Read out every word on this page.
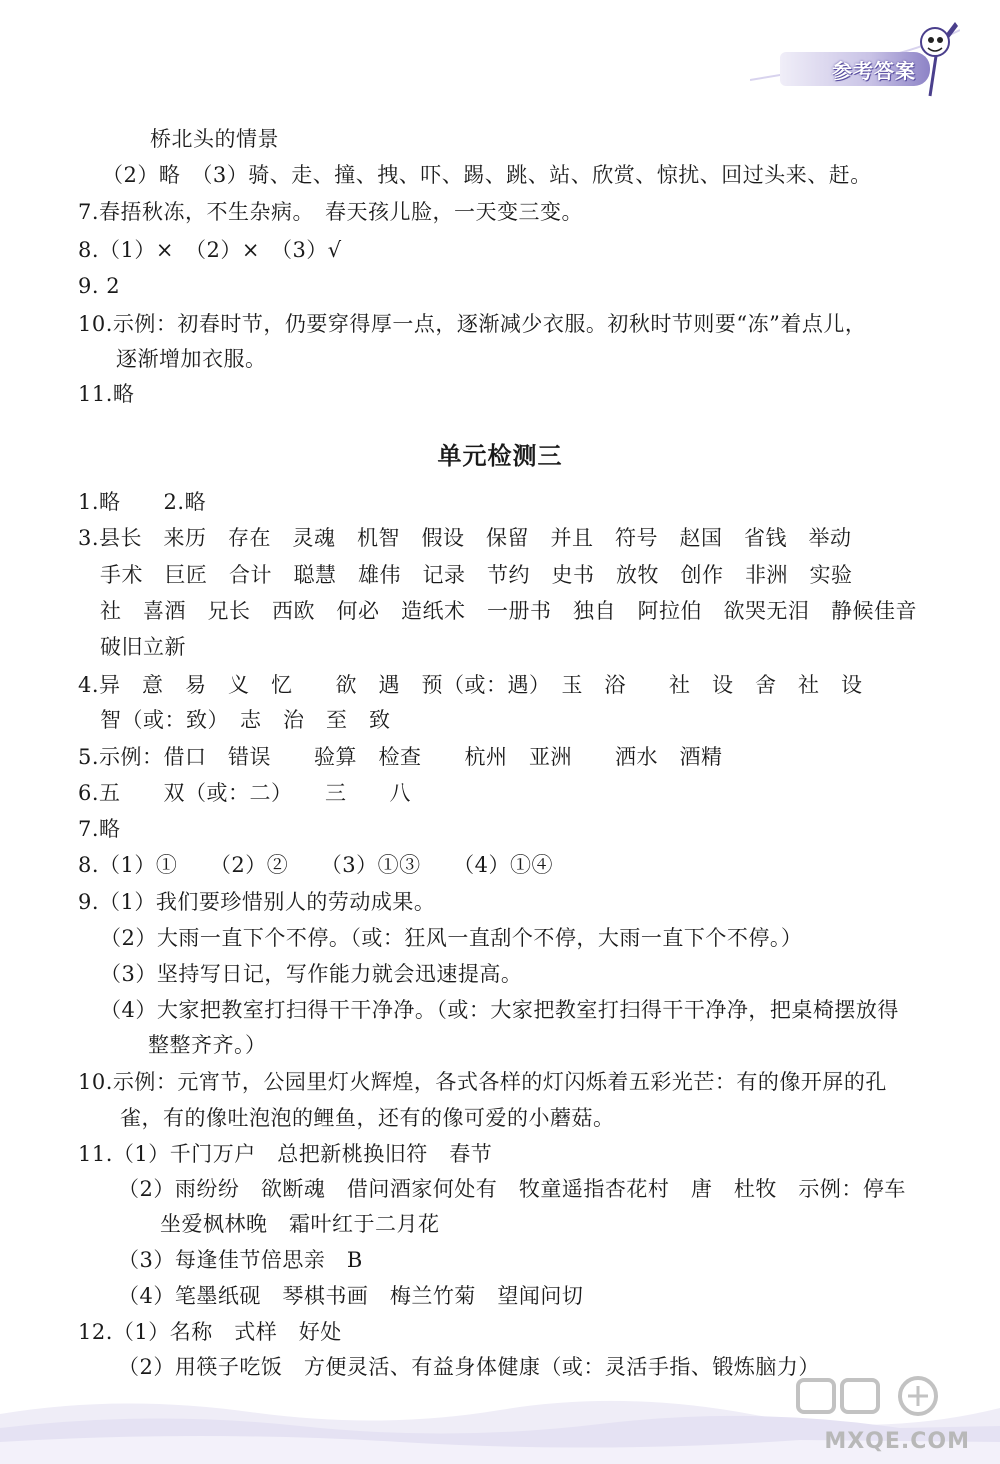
参考答案
桥北头的情景
（2）略　（3）骑、走、撞、拽、吓、踢、跳、站、欣赏、惊扰、回过头来、赶。
7.春捂秋冻，不生杂病。　春天孩儿脸，一天变三变。
8.（1）×　（2）×　（3）√
9. 2
10.示例：初春时节，仍要穿得厚一点，逐渐减少衣服。初秋时节则要“冻”着点儿，
逐渐增加衣服。
11.略
单元检测三
1.略　　2.略
3.县长　来历　存在　灵魂　机智　假设　保留　并且　符号　赵国　省钱　举动
手术　巨匠　合计　聪慧　雄伟　记录　节约　史书　放牧　创作　非洲　实验
社　喜酒　兄长　西欧　何必　造纸术　一册书　独自　阿拉伯　欲哭无泪　静候佳音
破旧立新
4.异　意　易　义　忆　　欲　遇　预（或：遇）　玉　浴　　社　设　舍　社　设
智（或：致）　志　治　至　致
5.示例：借口　错误　　验算　检查　　杭州　亚洲　　洒水　酒精
6.五　　双（或：二）　　三　　八
7.略
8.（1）①　　（2）②　　（3）①③　　（4）①④
9.（1）我们要珍惜别人的劳动成果。
（2）大雨一直下个不停。（或：狂风一直刮个不停，大雨一直下个不停。）
（3）坚持写日记，写作能力就会迅速提高。
（4）大家把教室打扫得干干净净。（或：大家把教室打扫得干干净净，把桌椅摆放得
整整齐齐。）
10.示例：元宵节，公园里灯火辉煌，各式各样的灯闪烁着五彩光芒：有的像开屏的孔
雀，有的像吐泡泡的鲤鱼，还有的像可爱的小蘑菇。
11.（1）千门万户　总把新桃换旧符　春节
（2）雨纷纷　欲断魂　借问酒家何处有　牧童遥指杏花村　唐　杜牧　示例：停车
坐爱枫林晚　霜叶红于二月花
（3）每逢佳节倍思亲　B
（4）笔墨纸砚　琴棋书画　梅兰竹菊　望闻问切
12.（1）名称　式样　好处
（2）用筷子吃饭　方便灵活、有益身体健康（或：灵活手指、锻炼脑力）
MXQE.COM
